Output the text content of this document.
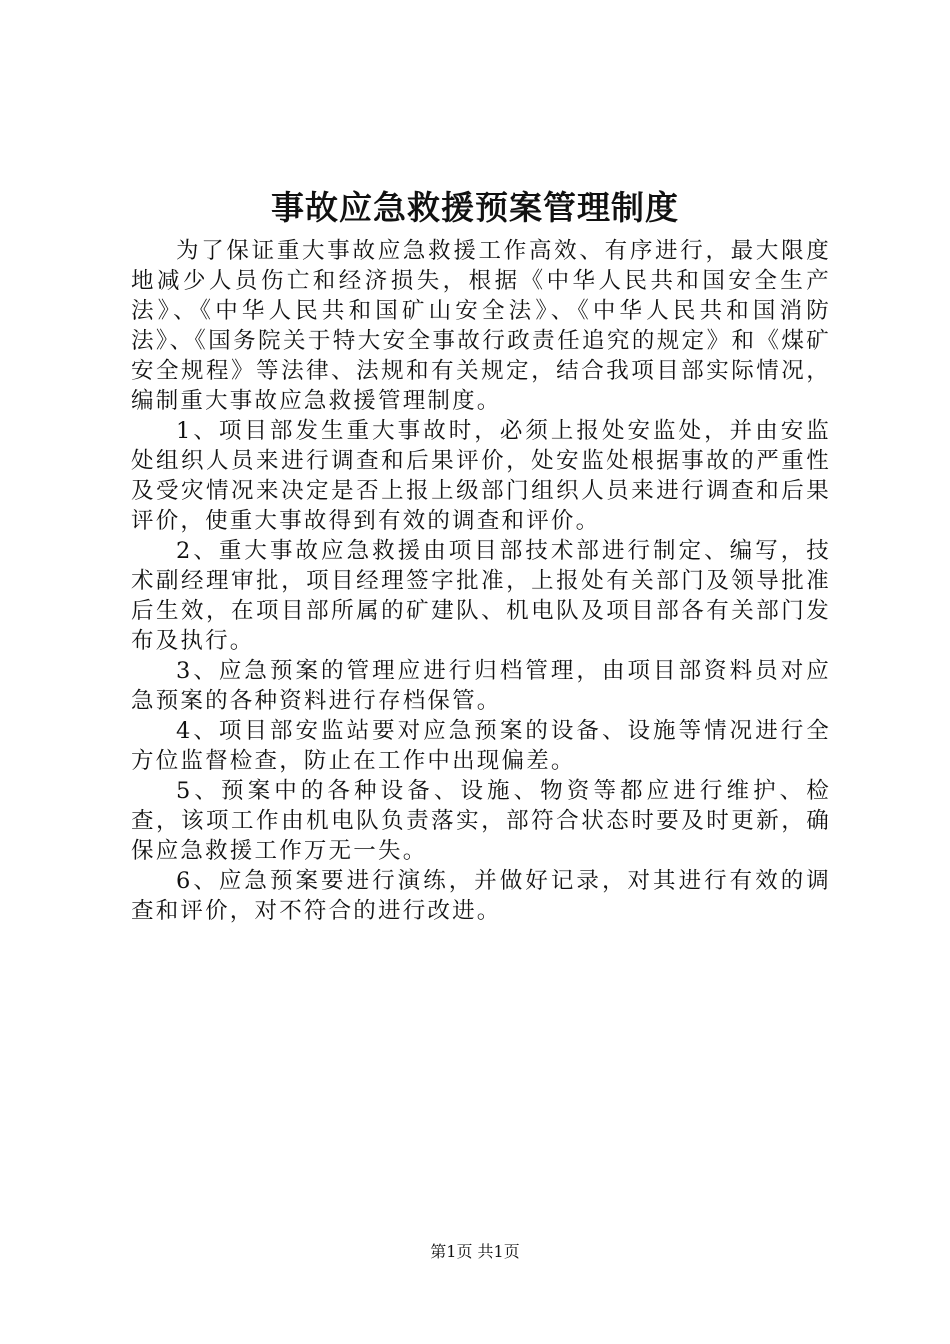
事故应急救援预案管理制度

为了保证重大事故应急救援工作高效、有序进行，最大限度地减少人员伤亡和经济损失，根据《中华人民共和国安全生产法》、《中华人民共和国矿山安全法》、《中华人民共和国消防法》、《国务院关于特大安全事故行政责任追究的规定》和《煤矿安全规程》等法律、法规和有关规定，结合我项目部实际情况，编制重大事故应急救援管理制度。

1、项目部发生重大事故时，必须上报处安监处，并由安监处组织人员来进行调查和后果评价，处安监处根据事故的严重性及受灾情况来决定是否上报上级部门组织人员来进行调查和后果评价，使重大事故得到有效的调查和评价。

2、重大事故应急救援由项目部技术部进行制定、编写，技术副经理审批，项目经理签字批准，上报处有关部门及领导批准后生效，在项目部所属的矿建队、机电队及项目部各有关部门发布及执行。

3、应急预案的管理应进行归档管理，由项目部资料员对应急预案的各种资料进行存档保管。

4、项目部安监站要对应急预案的设备、设施等情况进行全方位监督检查，防止在工作中出现偏差。

5、预案中的各种设备、设施、物资等都应进行维护、检查，该项工作由机电队负责落实，部符合状态时要及时更新，确保应急救援工作万无一失。

6、应急预案要进行演练，并做好记录，对其进行有效的调查和评价，对不符合的进行改进。

第1页 共1页
